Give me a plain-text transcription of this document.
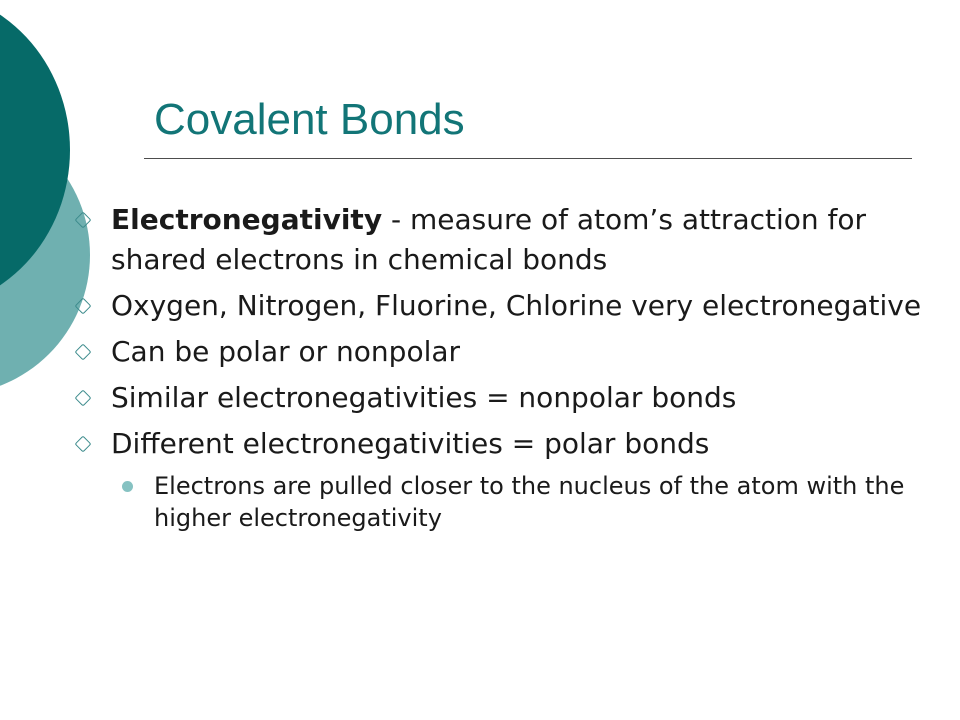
Covalent Bonds
Electronegativity - measure of atom’s attraction for shared electrons in chemical bonds
Oxygen, Nitrogen, Fluorine, Chlorine very electronegative
Can be polar or nonpolar
Similar electronegativities = nonpolar bonds
Different electronegativities = polar bonds
Electrons are pulled closer to the nucleus of the atom with the higher electronegativity
